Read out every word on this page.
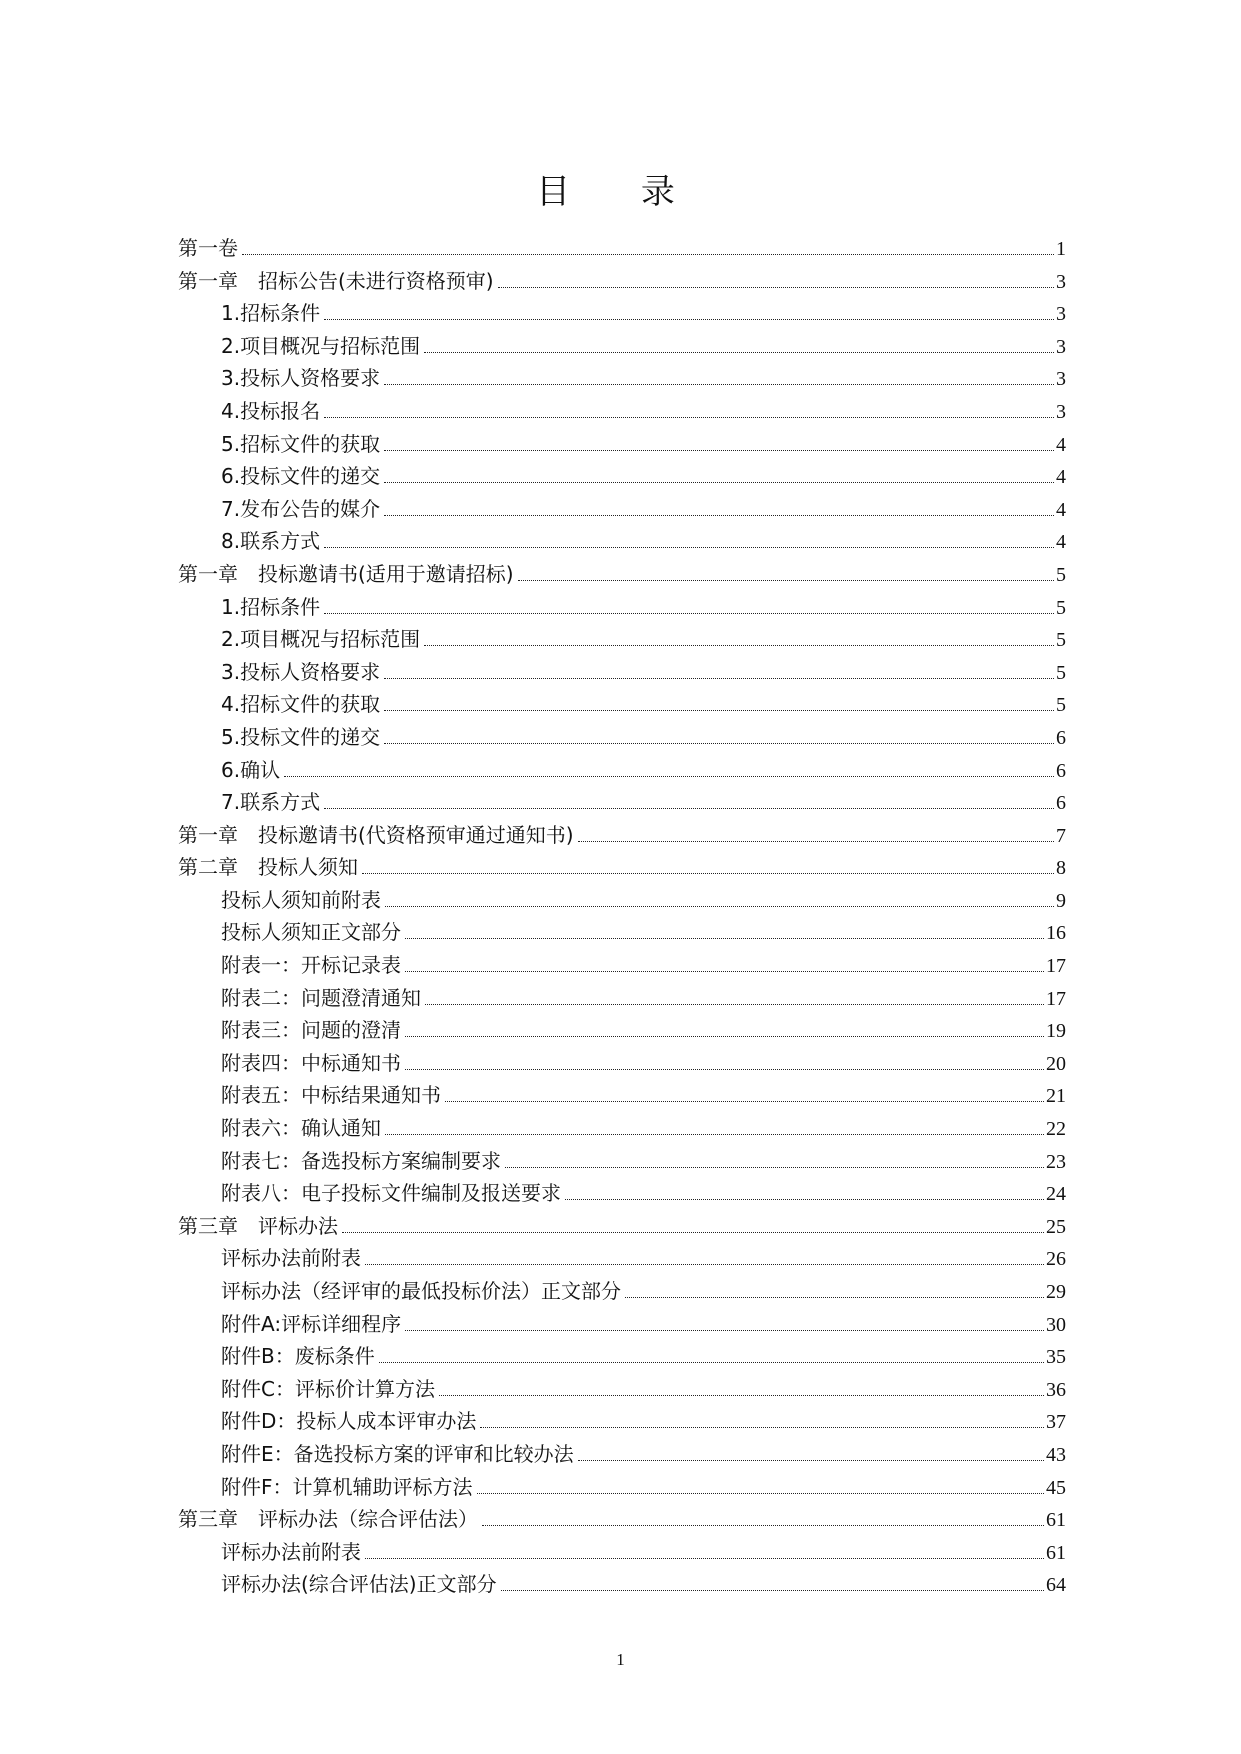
目 录
第一卷	1
第一章　招标公告(未进行资格预审)	3
1.招标条件	3
2.项目概况与招标范围	3
3.投标人资格要求	3
4.投标报名	3
5.招标文件的获取	4
6.投标文件的递交	4
7.发布公告的媒介	4
8.联系方式	4
第一章　投标邀请书(适用于邀请招标)	5
1.招标条件	5
2.项目概况与招标范围	5
3.投标人资格要求	5
4.招标文件的获取	5
5.投标文件的递交	6
6.确认	6
7.联系方式	6
第一章　投标邀请书(代资格预审通过通知书)	7
第二章　投标人须知	8
投标人须知前附表	9
投标人须知正文部分	16
附表一：开标记录表	17
附表二：问题澄清通知	17
附表三：问题的澄清	19
附表四：中标通知书	20
附表五：中标结果通知书	21
附表六：确认通知	22
附表七：备选投标方案编制要求	23
附表八：电子投标文件编制及报送要求	24
第三章　评标办法	25
评标办法前附表	26
评标办法（经评审的最低投标价法）正文部分	29
附件A:评标详细程序	30
附件B：废标条件	35
附件C：评标价计算方法	36
附件D：投标人成本评审办法	37
附件E：备选投标方案的评审和比较办法	43
附件F：计算机辅助评标方法	45
第三章　评标办法（综合评估法）	61
评标办法前附表	61
评标办法(综合评估法)正文部分	64
1
